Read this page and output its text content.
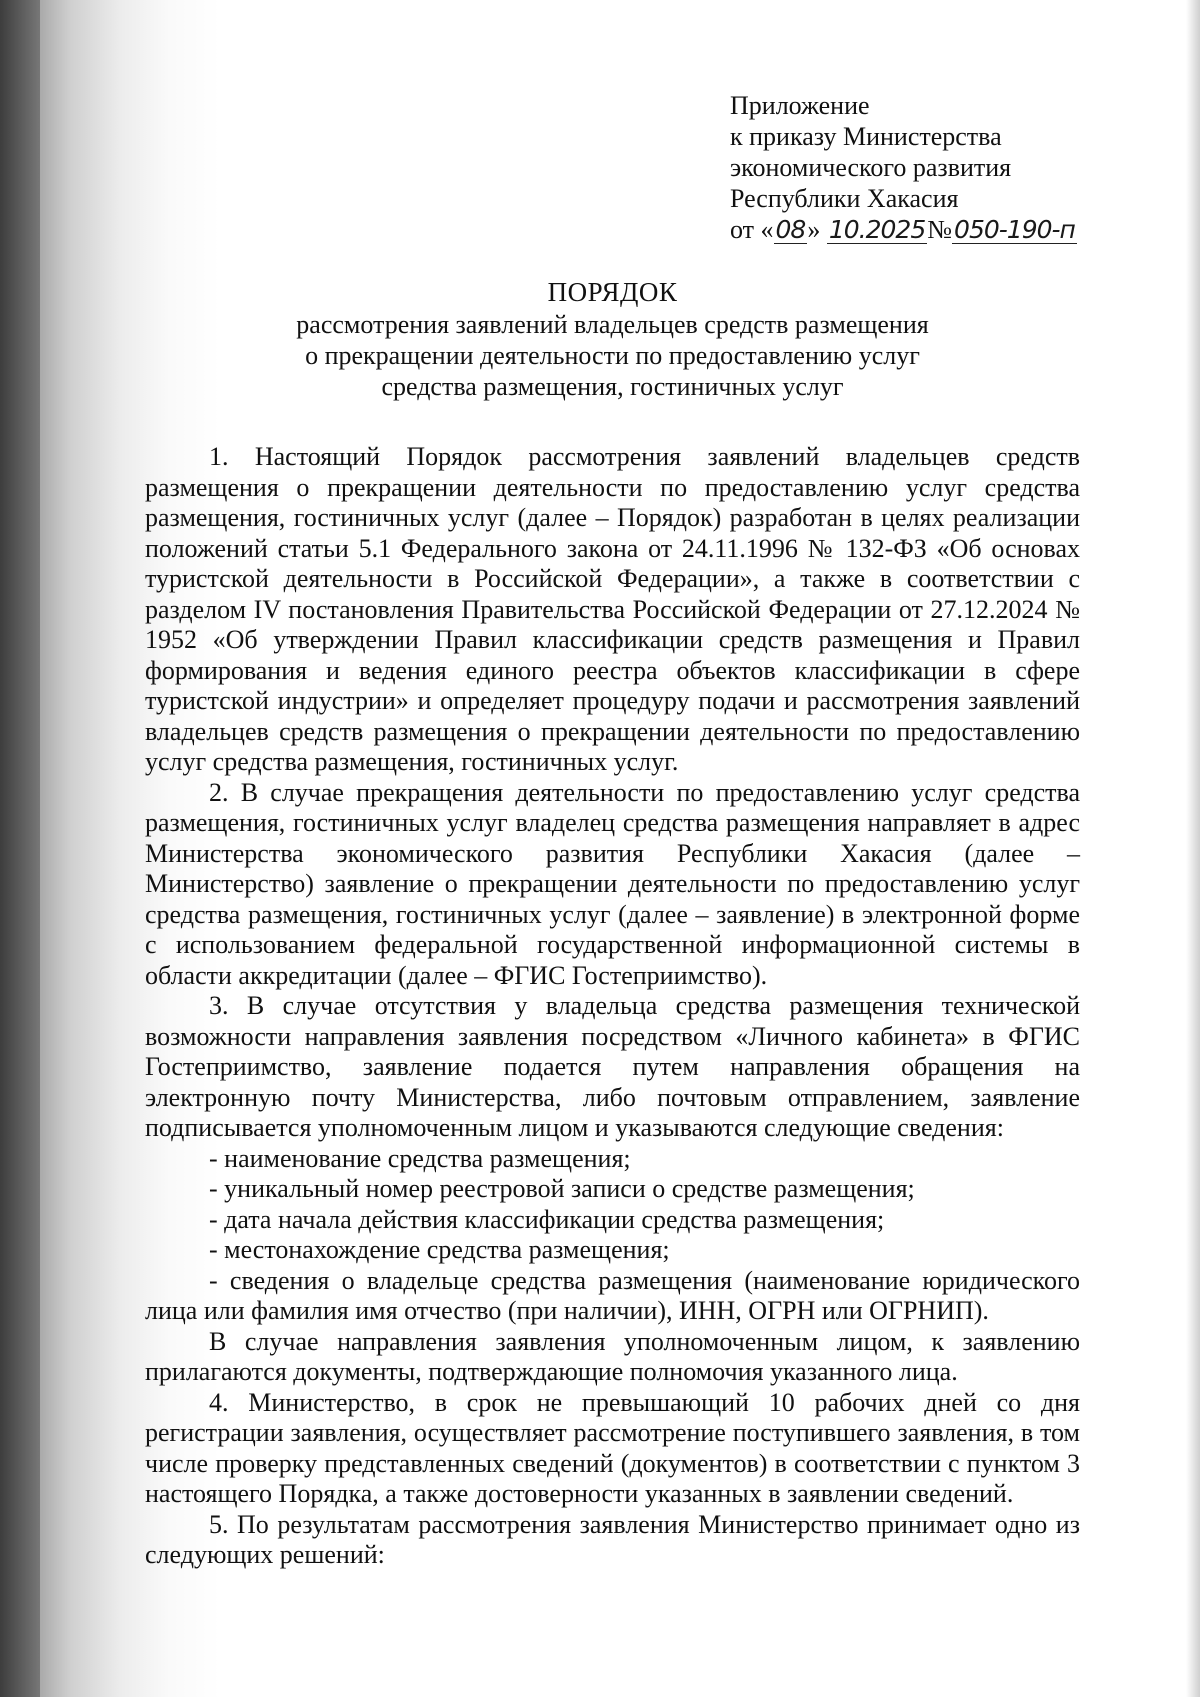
Приложение
к приказу Министерства
экономического развития
Республики Хакасия
от «08» 10.2025№050-190-п
ПОРЯДОК
рассмотрения заявлений владельцев средств размещения
о прекращении деятельности по предоставлению услуг
средства размещения, гостиничных услуг

1. Настоящий Порядок рассмотрения заявлений владельцев средств размещения о прекращении деятельности по предоставлению услуг средства размещения, гостиничных услуг (далее – Порядок) разработан в целях реализации положений статьи 5.1 Федерального закона от 24.11.1996 № 132-ФЗ «Об основах туристской деятельности в Российской Федерации», а также в соответствии с разделом IV постановления Правительства Российской Федерации от 27.12.2024 № 1952 «Об утверждении Правил классификации средств размещения и Правил формирования и ведения единого реестра объектов классификации в сфере туристской индустрии» и определяет процедуру подачи и рассмотрения заявлений владельцев средств размещения о прекращении деятельности по предоставлению услуг средства размещения, гостиничных услуг.

2. В случае прекращения деятельности по предоставлению услуг средства размещения, гостиничных услуг владелец средства размещения направляет в адрес Министерства экономического развития Республики Хакасия (далее – Министерство) заявление о прекращении деятельности по предоставлению услуг средства размещения, гостиничных услуг (далее – заявление) в электронной форме с использованием федеральной государственной информационной системы в области аккредитации (далее – ФГИС Гостеприимство).

3. В случае отсутствия у владельца средства размещения технической возможности направления заявления посредством «Личного кабинета» в ФГИС Гостеприимство, заявление подается путем направления обращения на электронную почту Министерства, либо почтовым отправлением, заявление подписывается уполномоченным лицом и указываются следующие сведения:

- наименование средства размещения;

- уникальный номер реестровой записи о средстве размещения;

- дата начала действия классификации средства размещения;

- местонахождение средства размещения;

- сведения о владельце средства размещения (наименование юридического лица или фамилия имя отчество (при наличии), ИНН, ОГРН или ОГРНИП).

В случае направления заявления уполномоченным лицом, к заявлению прилагаются документы, подтверждающие полномочия указанного лица.

4. Министерство, в срок не превышающий 10 рабочих дней со дня регистрации заявления, осуществляет рассмотрение поступившего заявления, в том числе проверку представленных сведений (документов) в соответствии с пунктом 3 настоящего Порядка, а также достоверности указанных в заявлении сведений.

5. По результатам рассмотрения заявления Министерство принимает одно из следующих решений:
